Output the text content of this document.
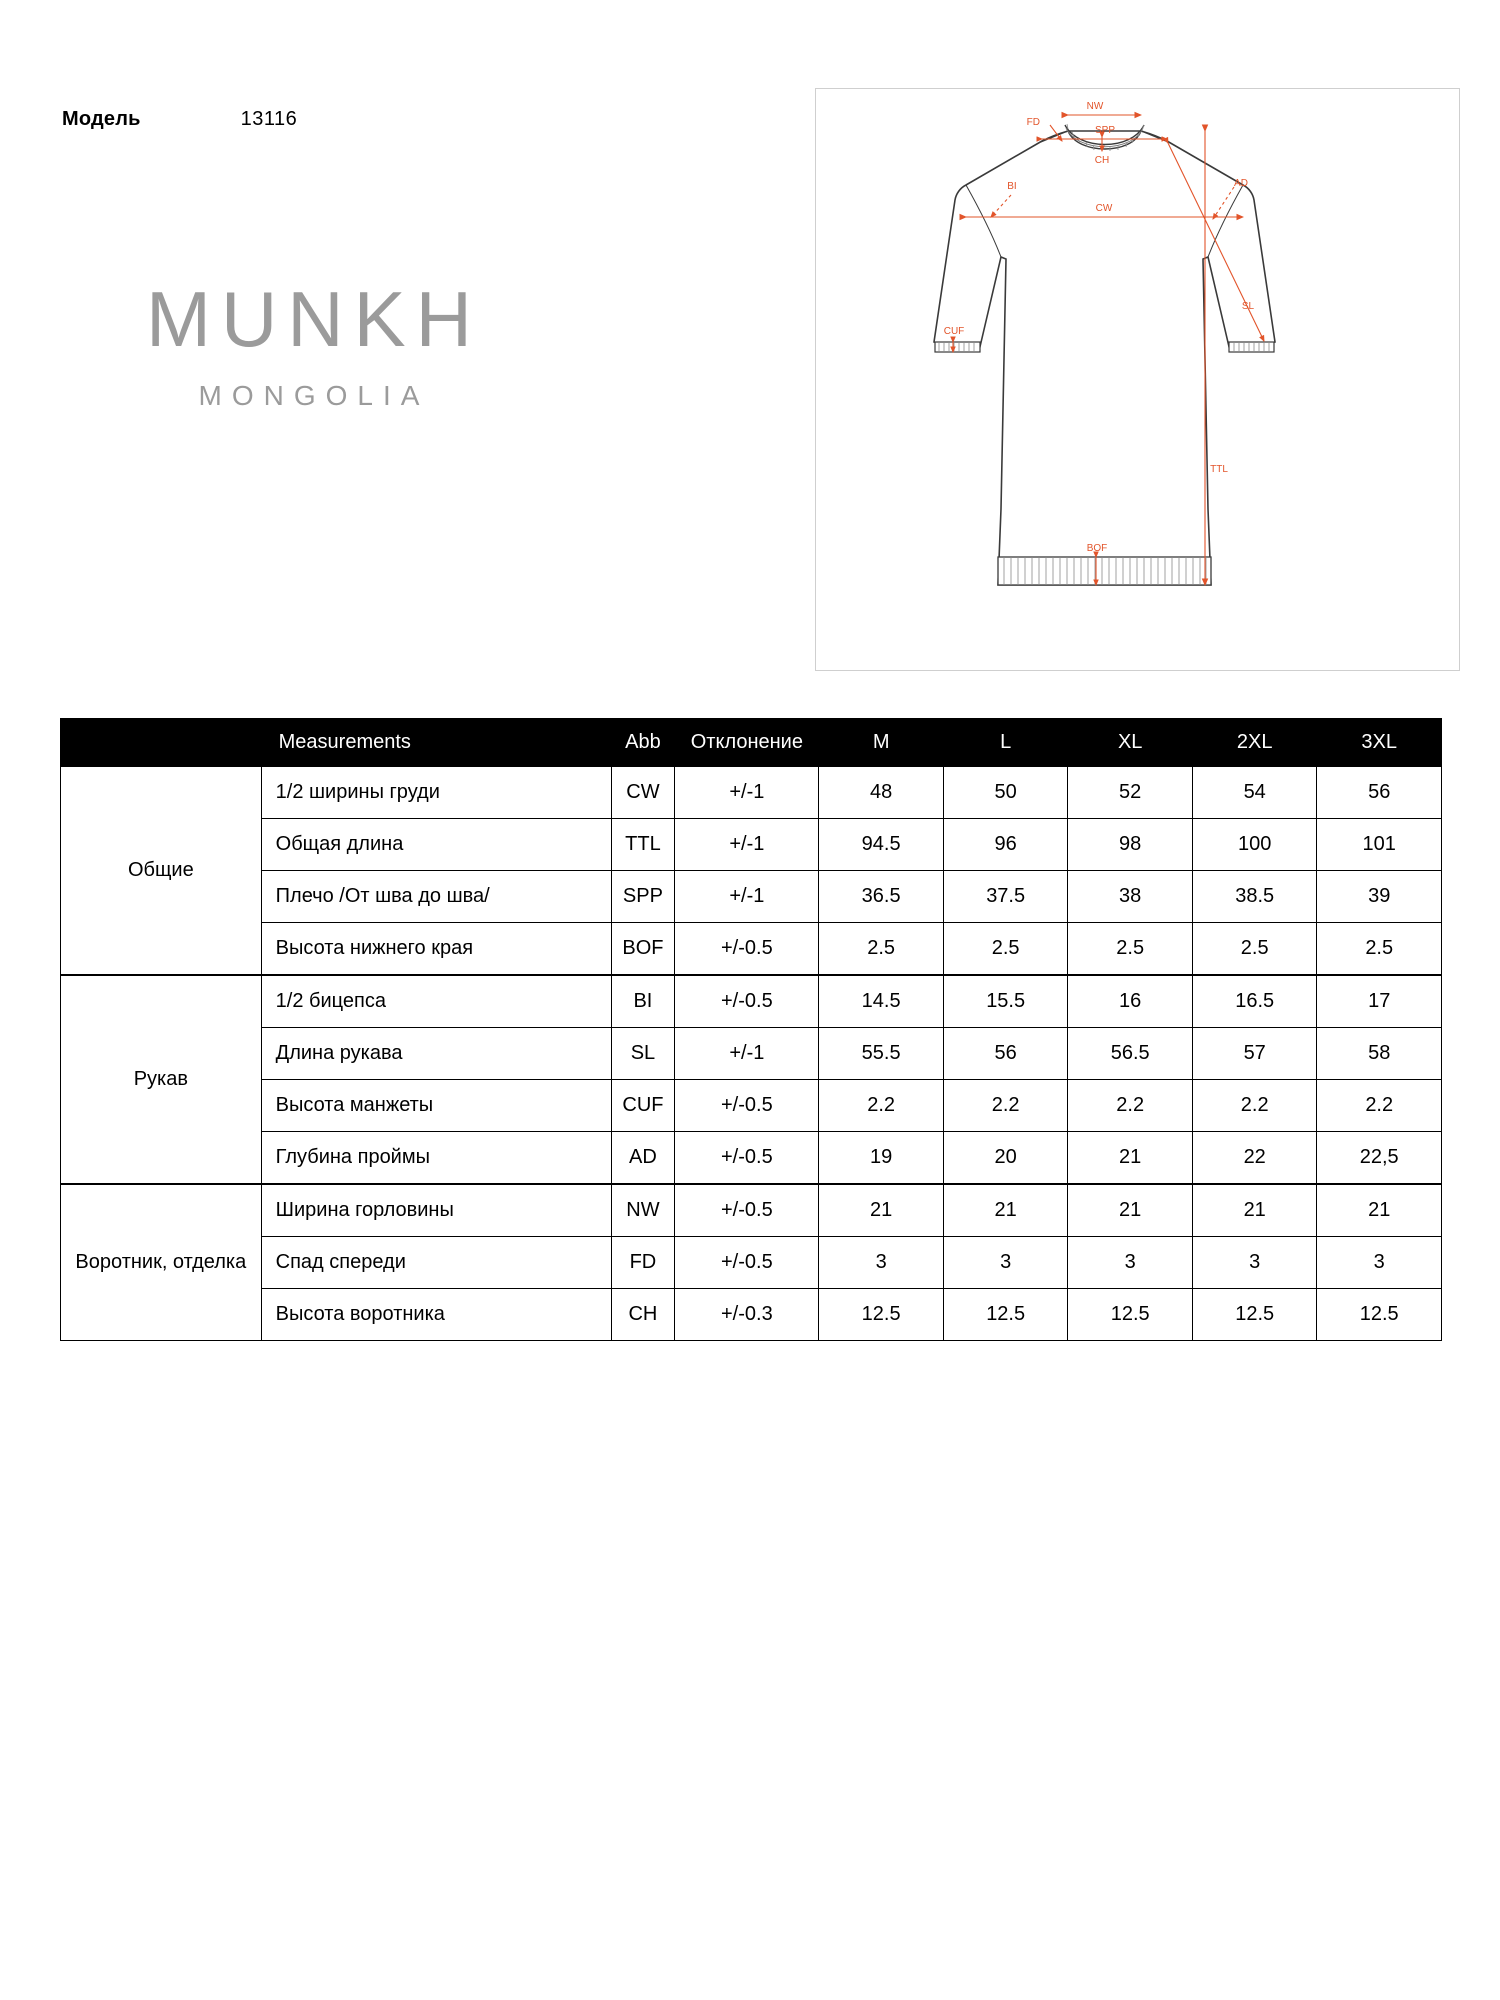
Модель	13116
MUNKH
MONGOLIA
NW
SPP
FD
CH
BI	AD
CW
SL
CUF
TTL
BOF
Measurements		Abb	Отклонение	M	L	XL	2XL	3XL
Общие	1/2 ширины груди	CW	+/-1	48	50	52	54	56
	Общая длина	TTL	+/-1	94.5	96	98	100	101
	Плечо /От шва до шва/	SPP	+/-1	36.5	37.5	38	38.5	39
	Высота нижнего края	BOF	+/-0.5	2.5	2.5	2.5	2.5	2.5
Рукав	1/2 бицепса	BI	+/-0.5	14.5	15.5	16	16.5	17
	Длина рукава	SL	+/-1	55.5	56	56.5	57	58
	Высота манжеты	CUF	+/-0.5	2.2	2.2	2.2	2.2	2.2
	Глубина проймы	AD	+/-0.5	19	20	21	22	22,5
Воротник, отделка	Ширина горловины	NW	+/-0.5	21	21	21	21	21
	Спад спереди	FD	+/-0.5	3	3	3	3	3
	Высота воротника	CH	+/-0.3	12.5	12.5	12.5	12.5	12.5
